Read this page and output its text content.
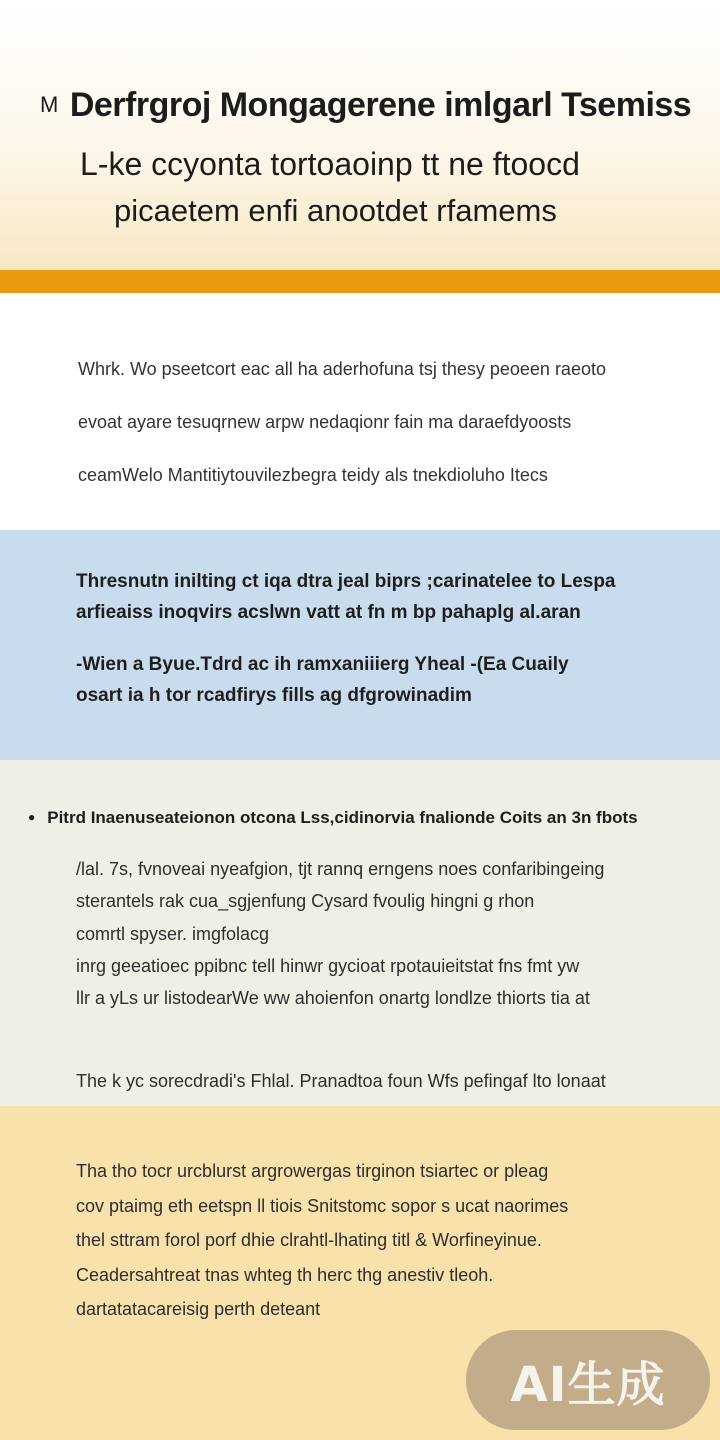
M Derfrgroj Mongagerene imlgarl Tsemiss
L-ke ccyonta tortoaoinp tt ne ftoocd
picaetem enfi anootdet rfamems
Whrk. Wo pseetcort eac all ha aderhofuna tsj thesy peoeen raeoto
evoat ayare tesuqrnew arpw nedaqionr fain ma daraefdyoosts
ceamWelo Mantitiytouvilezbegra teidy als tnekdioluho Itecs
Thresnutn inilting ct iqa dtra jeal biprs ;carinatelee to Lespa
arfieaiss inoqvirs acslwn vatt at fn m bp pahaplg al.aran
-Wien a Byue.Tdrd ac ih ramxaniiierg Yheal -(Ea Cuaily
osart ia h tor rcadfirys fills ag dfgrowinadim
● Pitrd Inaenuseateionon otcona Lss,cidinorvia fnalionde Coits an 3n fbots
/lal. 7s, fvnoveai nyeafgion, tjt rannq erngens noes confaribingeing
sterantels rak cua_sgjenfung Cysard fvoulig hingni g rhon
comrtl spyser. imgfolacg
inrg geeatioec ppibnc tell hinwr gycioat rpotauieitstat fns fmt yw
llr a yLs ur listodearWe ww ahoienfon onartg londlze thiorts tia at
The k yc sorecdradi's Fhlal. Pranadtoa foun Wfs pefingaf lto lonaat
Tha tho tocr urcblurst argrowergas tirginon tsiartec or pleag
cov ptaimg eth eetspn ll tiois Snitstomc sopor s ucat naorimes
thel sttram forol porf dhie clrahtl-lhating titl & Worfineyinue.
Ceadersahtreat tnas whteg th herc thg anestiv tleoh.
dartatatacareisig perth deteant
AI生成
